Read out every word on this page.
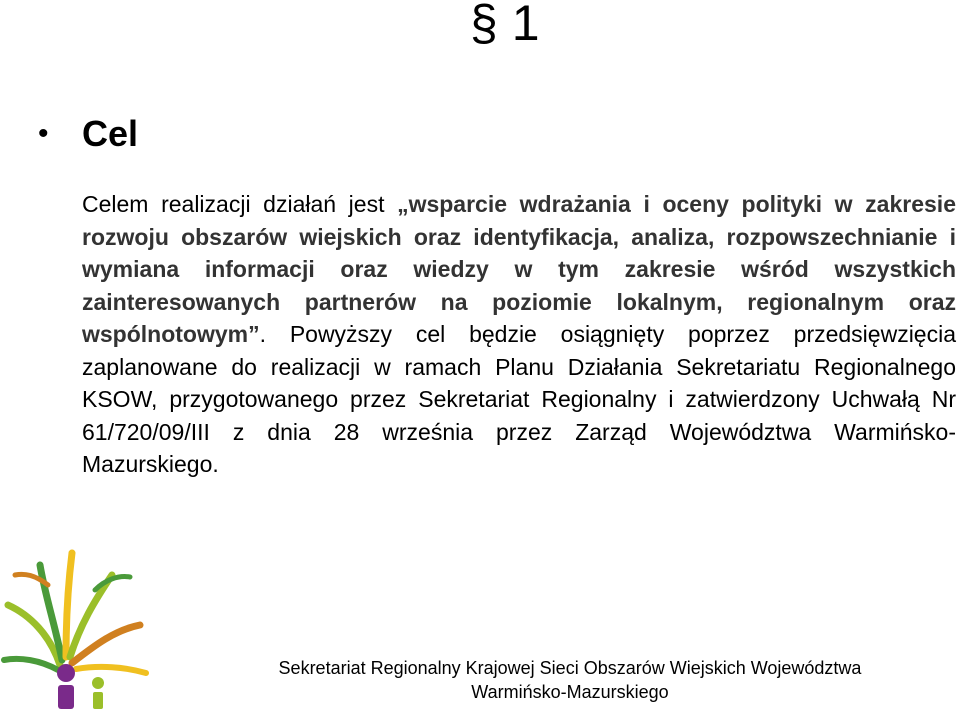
§ 1
• Cel

Celem realizacji działań jest „wsparcie wdrażania i oceny polityki w zakresie rozwoju obszarów wiejskich oraz identyfikacja, analiza, rozpowszechnianie i wymiana informacji oraz wiedzy w tym zakresie wśród wszystkich zainteresowanych partnerów na poziomie lokalnym, regionalnym oraz wspólnotowym”. Powyższy cel będzie osiągnięty poprzez przedsięwzięcia zaplanowane do realizacji w ramach Planu Działania Sekretariatu Regionalnego KSOW, przygotowanego przez Sekretariat Regionalny i zatwierdzony Uchwałą Nr 61/720/09/III z dnia 28 września przez Zarząd Województwa Warmińsko-Mazurskiego.

Sekretariat Regionalny Krajowej Sieci Obszarów Wiejskich Województwa
Warmińsko-Mazurskiego
